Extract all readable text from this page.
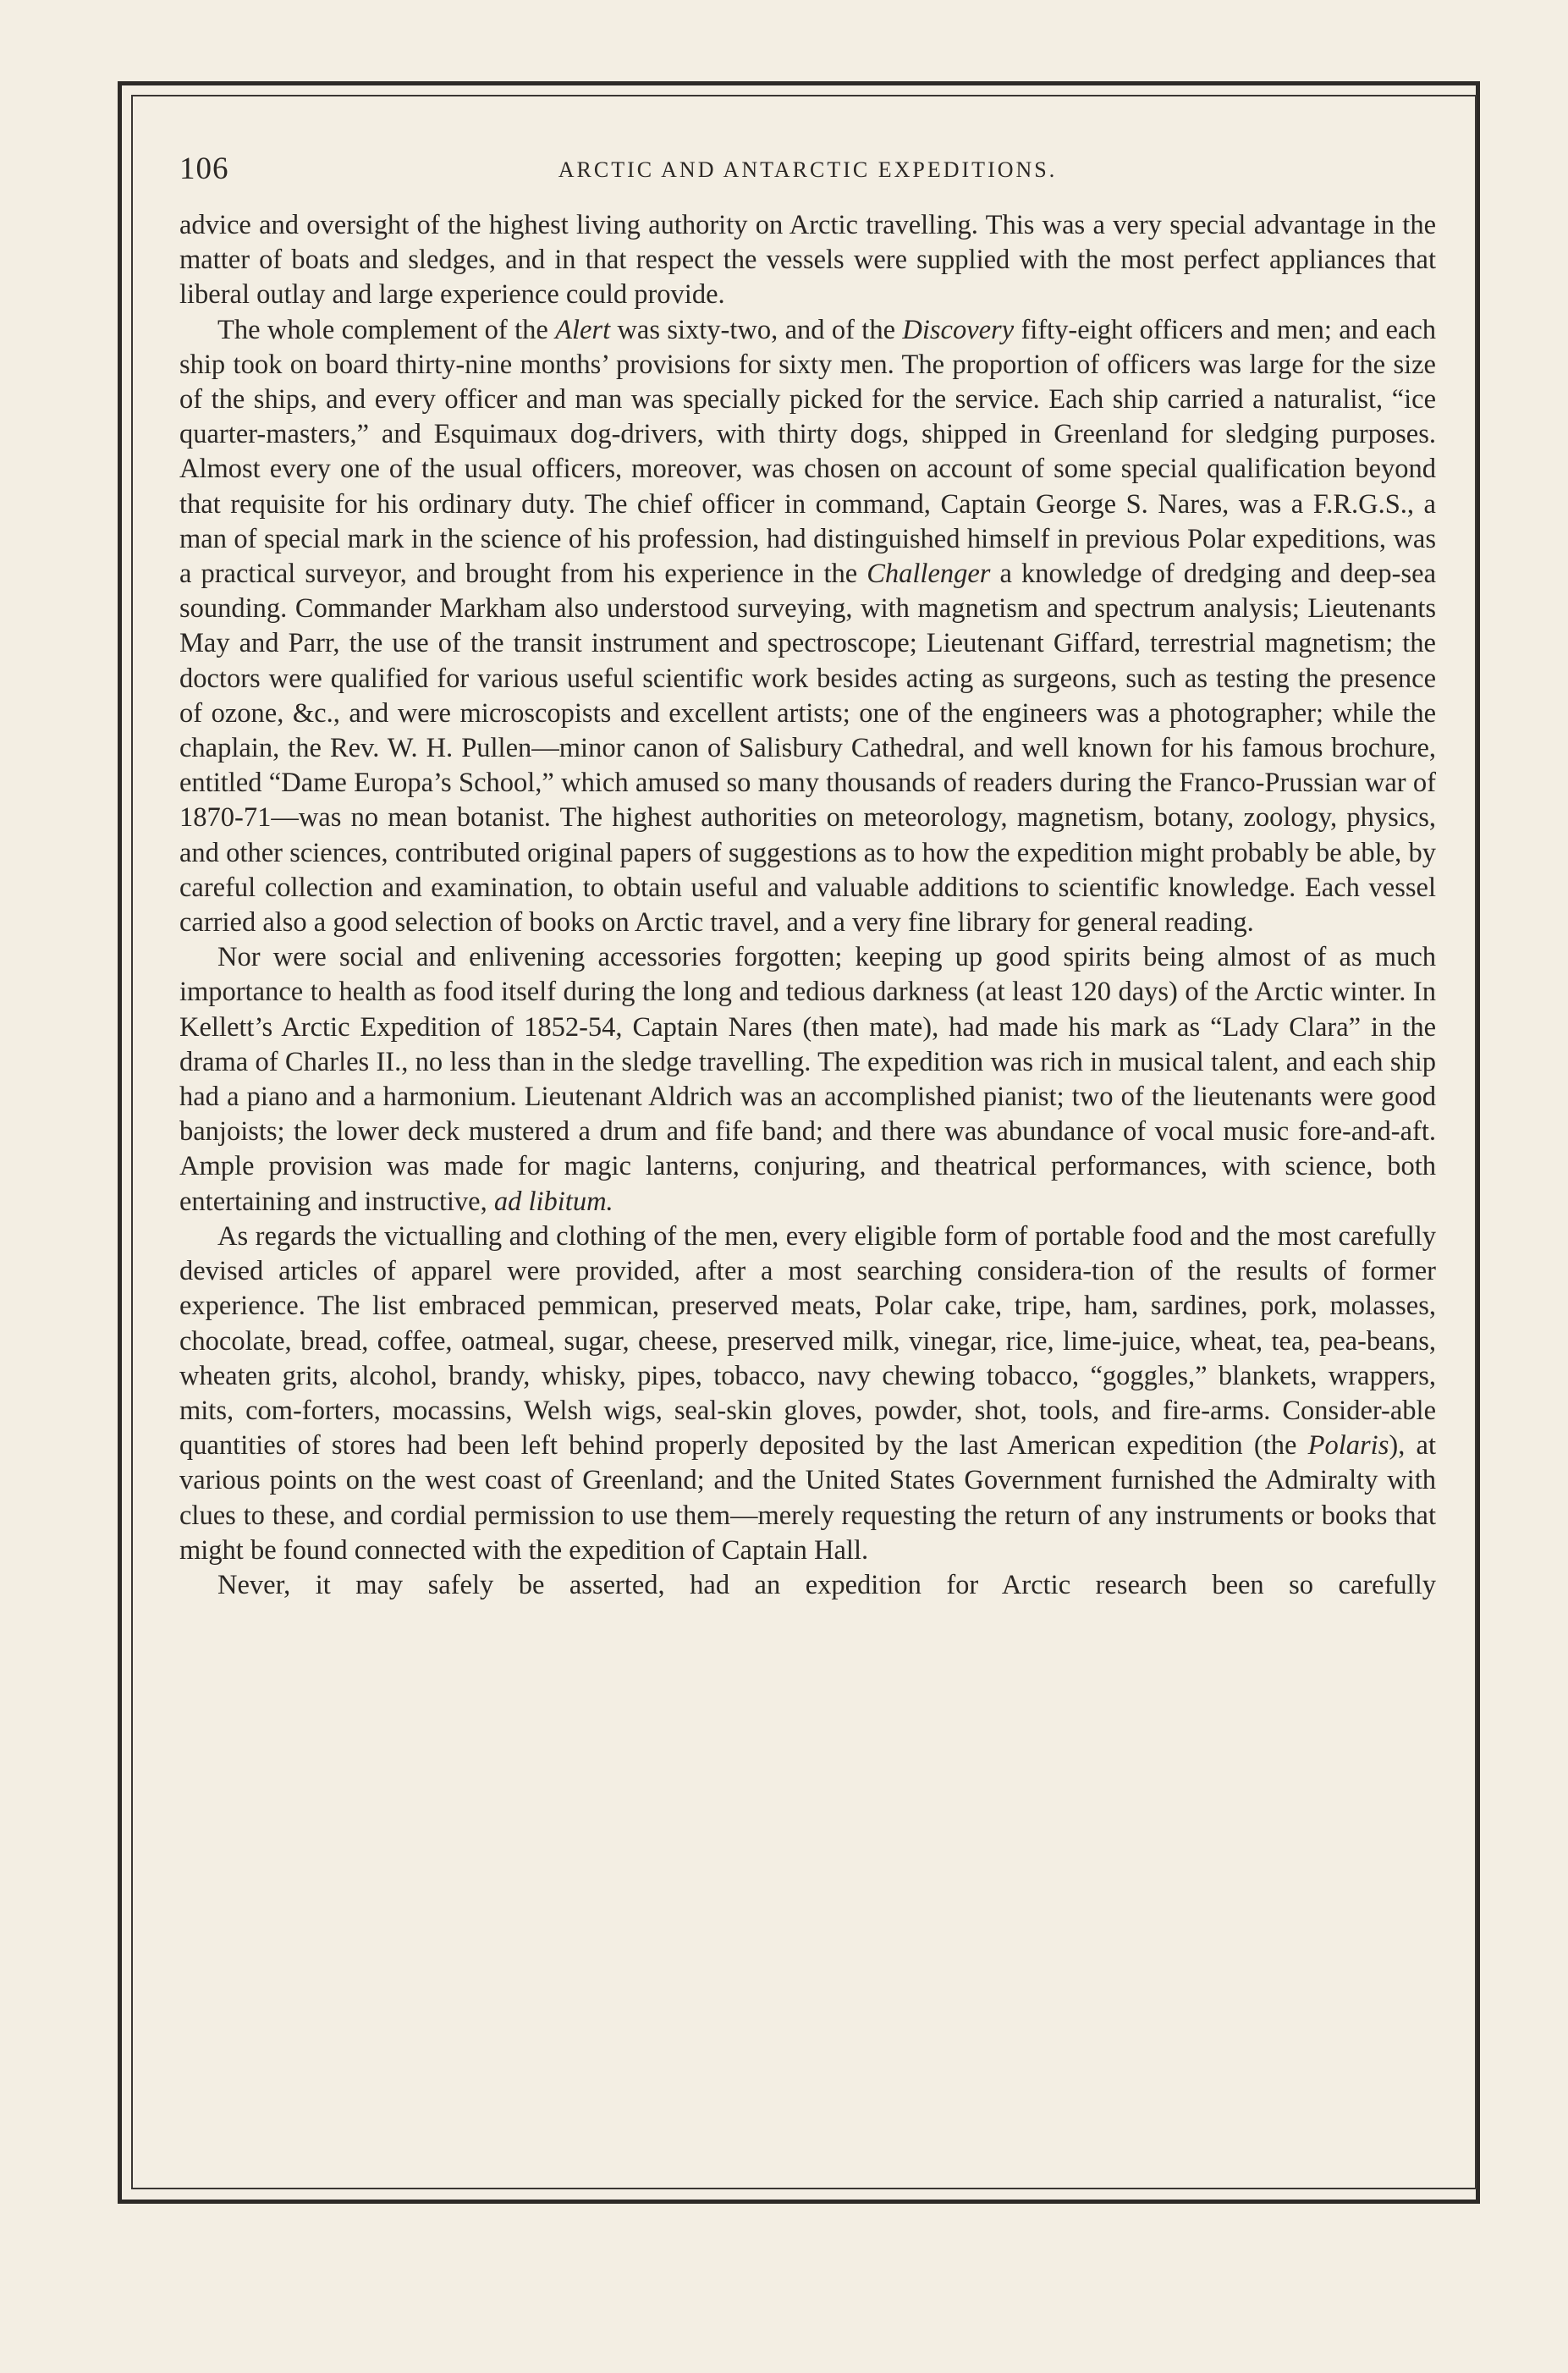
106	ARCTIC AND ANTARCTIC EXPEDITIONS.

advice and oversight of the highest living authority on Arctic travelling. This was a very special advantage in the matter of boats and sledges, and in that respect the vessels were supplied with the most perfect appliances that liberal outlay and large experience could provide.

The whole complement of the Alert was sixty-two, and of the Discovery fifty-eight officers and men; and each ship took on board thirty-nine months’ provisions for sixty men. The proportion of officers was large for the size of the ships, and every officer and man was specially picked for the service. Each ship carried a naturalist, “ice quarter-masters,” and Esquimaux dog-drivers, with thirty dogs, shipped in Greenland for sledging purposes. Almost every one of the usual officers, moreover, was chosen on account of some special qualification beyond that requisite for his ordinary duty. The chief officer in command, Captain George S. Nares, was a F.R.G.S., a man of special mark in the science of his profession, had distinguished himself in previous Polar expeditions, was a practical surveyor, and brought from his experience in the Challenger a knowledge of dredging and deep-sea sounding. Commander Markham also understood surveying, with magnetism and spectrum analysis; Lieutenants May and Parr, the use of the transit instrument and spectroscope; Lieutenant Giffard, terrestrial magnetism; the doctors were qualified for various useful scientific work besides acting as surgeons, such as testing the presence of ozone, &c., and were microscopists and excellent artists; one of the engineers was a photographer; while the chaplain, the Rev. W. H. Pullen—minor canon of Salisbury Cathedral, and well known for his famous brochure, entitled “Dame Europa’s School,” which amused so many thousands of readers during the Franco-Prussian war of 1870-71—was no mean botanist. The highest authorities on meteorology, magnetism, botany, zoology, physics, and other sciences, contributed original papers of suggestions as to how the expedition might probably be able, by careful collection and examination, to obtain useful and valuable additions to scientific knowledge. Each vessel carried also a good selection of books on Arctic travel, and a very fine library for general reading.

Nor were social and enlivening accessories forgotten; keeping up good spirits being almost of as much importance to health as food itself during the long and tedious darkness (at least 120 days) of the Arctic winter. In Kellett’s Arctic Expedition of 1852-54, Captain Nares (then mate), had made his mark as “Lady Clara” in the drama of Charles II., no less than in the sledge travelling. The expedition was rich in musical talent, and each ship had a piano and a harmonium. Lieutenant Aldrich was an accomplished pianist; two of the lieutenants were good banjoists; the lower deck mustered a drum and fife band; and there was abundance of vocal music fore-and-aft. Ample provision was made for magic lanterns, conjuring, and theatrical performances, with science, both entertaining and instructive, ad libitum.

As regards the victualling and clothing of the men, every eligible form of portable food and the most carefully devised articles of apparel were provided, after a most searching considera-tion of the results of former experience. The list embraced pemmican, preserved meats, Polar cake, tripe, ham, sardines, pork, molasses, chocolate, bread, coffee, oatmeal, sugar, cheese, preserved milk, vinegar, rice, lime-juice, wheat, tea, pea-beans, wheaten grits, alcohol, brandy, whisky, pipes, tobacco, navy chewing tobacco, “goggles,” blankets, wrappers, mits, com-forters, mocassins, Welsh wigs, seal-skin gloves, powder, shot, tools, and fire-arms. Consider-able quantities of stores had been left behind properly deposited by the last American expedition (the Polaris), at various points on the west coast of Greenland; and the United States Government furnished the Admiralty with clues to these, and cordial permission to use them—merely requesting the return of any instruments or books that might be found connected with the expedition of Captain Hall.

Never, it may safely be asserted, had an expedition for Arctic research been so carefully
